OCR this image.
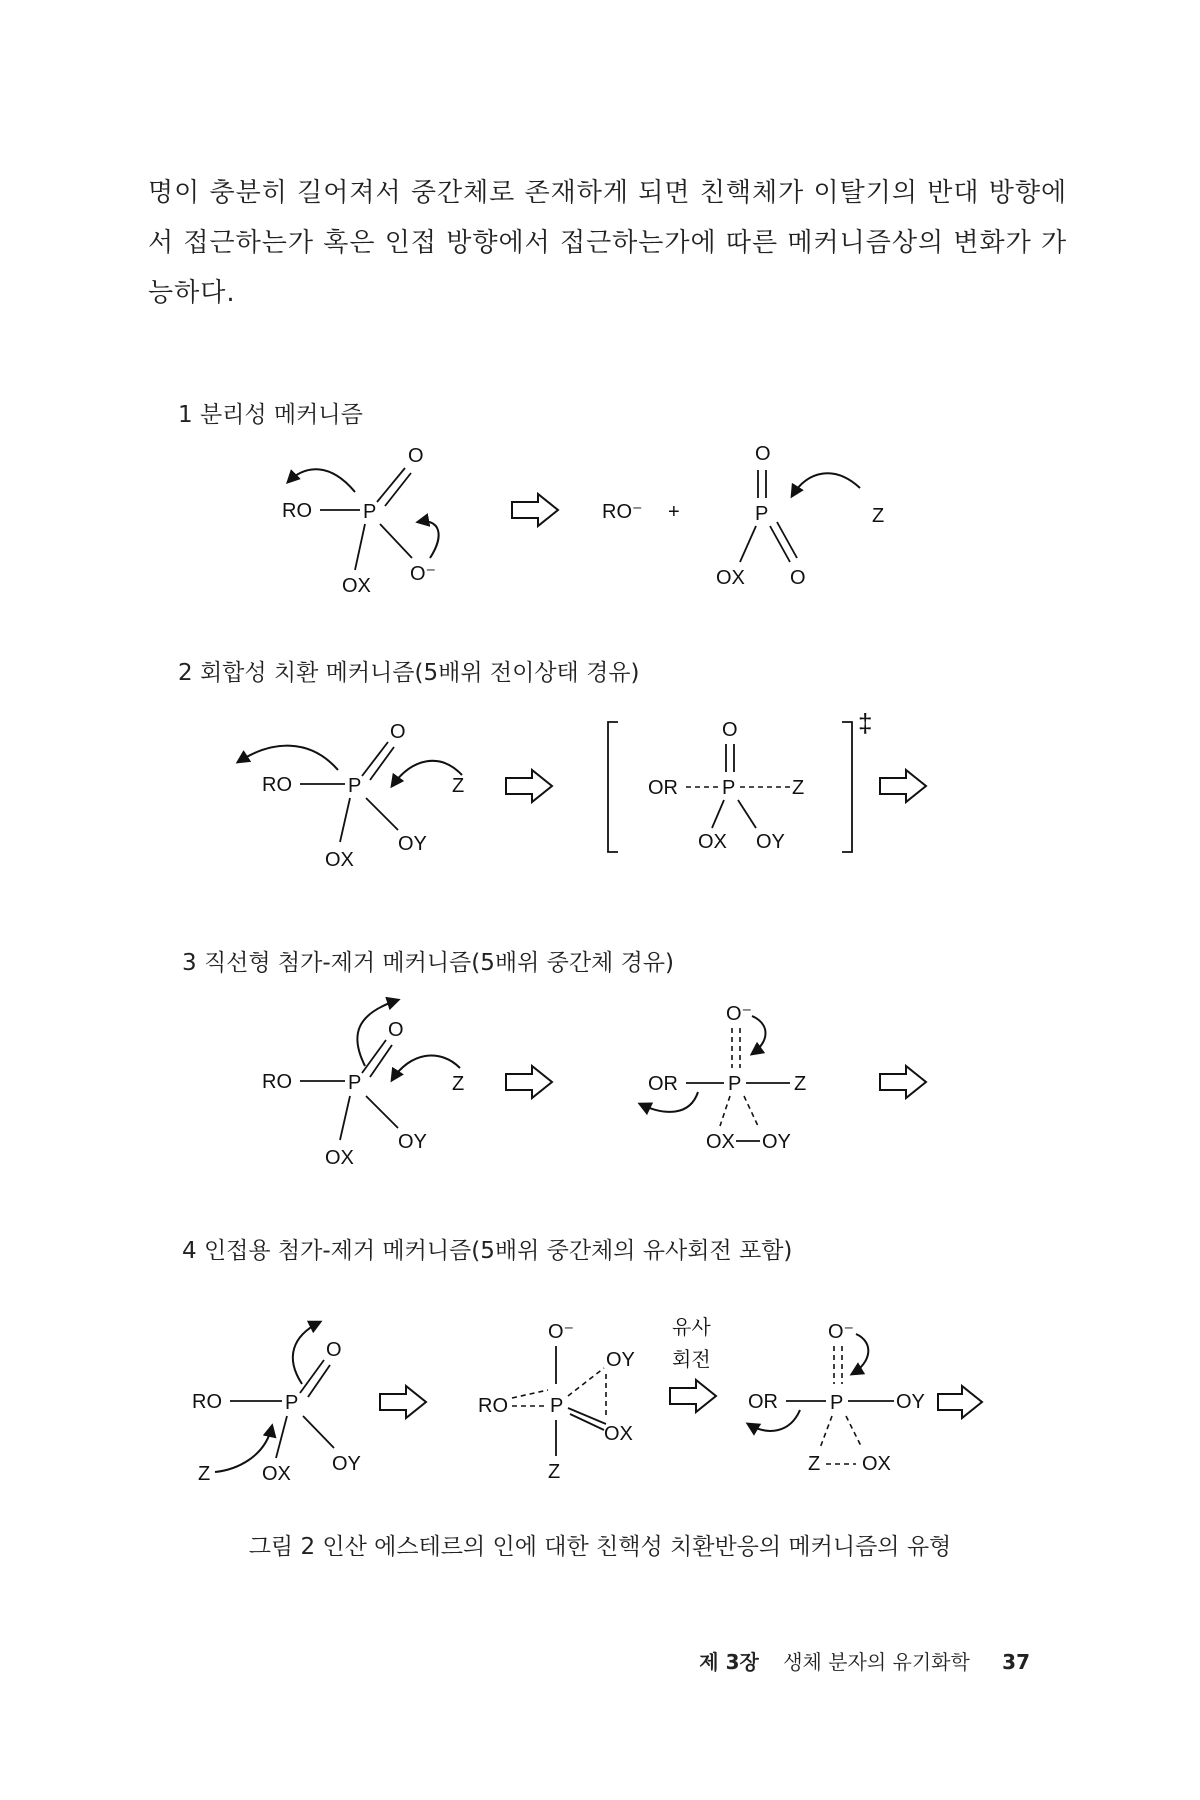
명이 충분히 길어져서 중간체로 존재하게 되면 친핵체가 이탈기의 반대 방향에
서 접근하는가 혹은 인접 방향에서 접근하는가에 따른 메커니즘상의 변화가 가
능하다.
1 분리성 메커니즘
RO	P
O
OX
O⁻
RO⁻ +
O
P
OX O
Z
2 회합성 치환 메커니즘(5배위 전이상태 경유)
RO	P
O
OX
OY
Z
‡
O
OR P	Z
OX OY
3 직선형 첨가-제거 메커니즘(5배위 중간체 경유)
RO	P
O
OX
OY
Z
O⁻
OR	P	Z
OX OY
4 인접용 첨가-제거 메커니즘(5배위 중간체의 유사회전 포함)
RO	P
O
OX OY
Z
O⁻
OY
RO P
OX
Z
유사
회전
O⁻
OR	P	OY
Z OX
그림 2 인산 에스테르의 인에 대한 친핵성 치환반응의 메커니즘의 유형
제 3장 생체 분자의 유기화학 37
